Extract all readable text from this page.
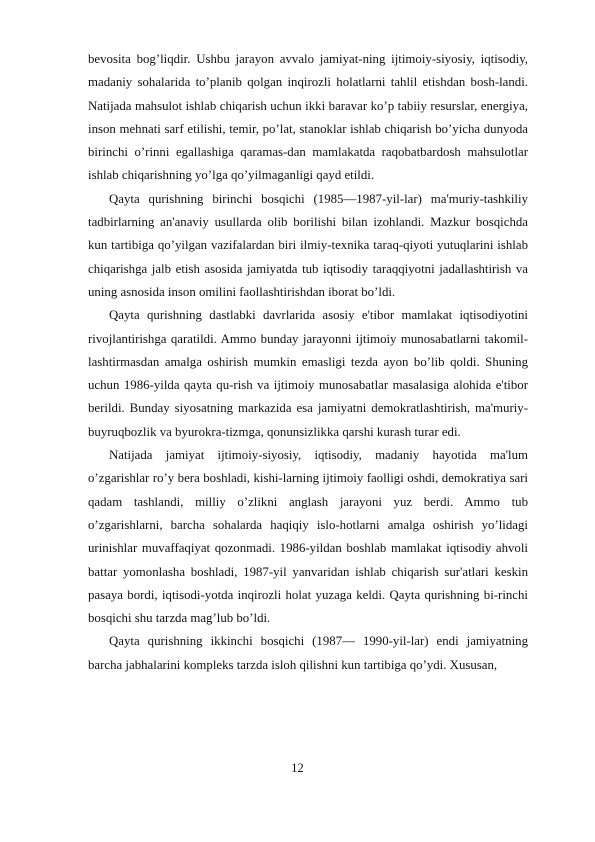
bevosita bog’liqdir. Ushbu jarayon avvalo jamiyat-ning ijtimoiy-siyosiy, iqtisodiy, madaniy sohalarida to’planib qolgan inqirozli holatlarni tahlil etishdan bosh-landi. Natijada mahsulot ishlab chiqarish uchun ikki baravar ko’p tabiiy resurslar, energiya, inson mehnati sarf etilishi, temir, po’lat, stanoklar ishlab chiqarish bo’yicha dunyoda birinchi o’rinni egallashiga qaramas-dan mamlakatda raqobatbardosh mahsulotlar ishlab chiqarishning yo’lga qo’yilmaganligi qayd etildi.

Qayta qurishning birinchi bosqichi (1985—1987-yil-lar) ma'muriy-tashkiliy tadbirlarning an'anaviy usullarda olib borilishi bilan izohlandi. Mazkur bosqichda kun tartibiga qo’yilgan vazifalardan biri ilmiy-texnika taraq-qiyoti yutuqlarini ishlab chiqarishga jalb etish asosida jamiyatda tub iqtisodiy taraqqiyotni jadallashtirish va uning asnosida inson omilini faollashtirishdan iborat bo’ldi.

Qayta qurishning dastlabki davrlarida asosiy e'tibor mamlakat iqtisodiyotini rivojlantirishga qaratildi. Ammo bunday jarayonni ijtimoiy munosabatlarni takomil-lashtirmasdan amalga oshirish mumkin emasligi tezda ayon bo’lib qoldi. Shuning uchun 1986-yilda qayta qu-rish va ijtimoiy munosabatlar masalasiga alohida e'tibor berildi. Bunday siyosatning markazida esa jamiyatni demokratlashtirish, ma'muriy-buyruqbozlik va byurokra-tizmga, qonunsizlikka qarshi kurash turar edi.

Natijada jamiyat ijtimoiy-siyosiy, iqtisodiy, madaniy hayotida ma'lum o’zgarishlar ro’y bera boshladi, kishi-larning ijtimoiy faolligi oshdi, demokratiya sari qadam tashlandi, milliy o’zlikni anglash jarayoni yuz berdi. Ammo tub o’zgarishlarni, barcha sohalarda haqiqiy islo-hotlarni amalga oshirish yo’lidagi urinishlar muvaffaqiyat qozonmadi. 1986-yildan boshlab mamlakat iqtisodiy ahvoli battar yomonlasha boshladi, 1987-yil yanvaridan ishlab chiqarish sur'atlari keskin pasaya bordi, iqtisodi-yotda inqirozli holat yuzaga keldi. Qayta qurishning bi-rinchi bosqichi shu tarzda mag’lub bo’ldi.

Qayta qurishning ikkinchi bosqichi (1987— 1990-yil-lar) endi jamiyatning barcha jabhalarini kompleks tarzda isloh qilishni kun tartibiga qo’ydi. Xususan,

12
